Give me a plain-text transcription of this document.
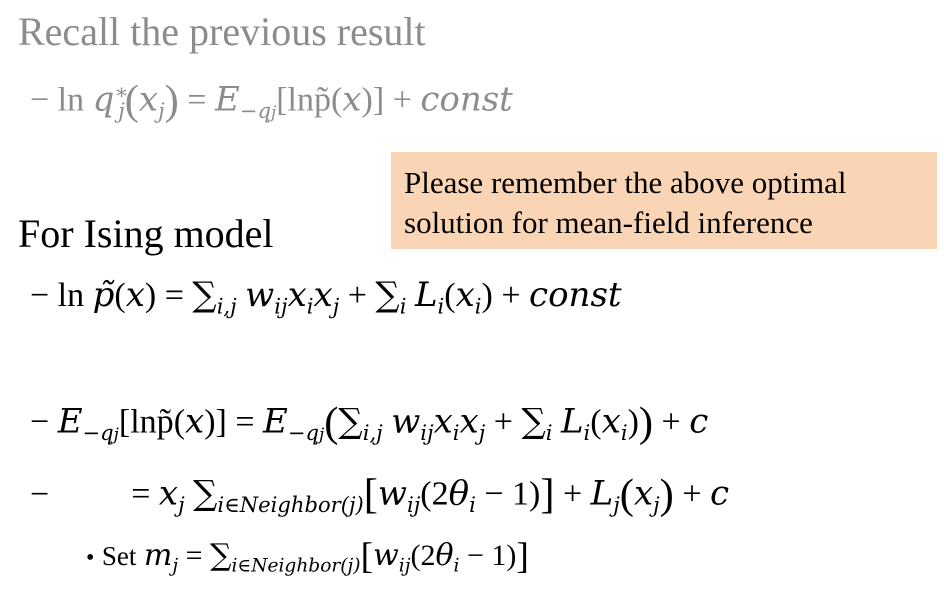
Recall the previous result
− $\ln q^∗_j(x_j)$ = $E_{-qj}[\ln p̃(x)]$ + const
Please remember the above optimal solution for mean-field inference
For Ising model
− ln p̃(x) = $\sum_{i,j}$ $w_{ij}x_ix_j + \sum_i$ $L_i(x_i)$ + const
− $E_{-qj}[\ln p̃(x)] = E_{-qj}(\sum_{i,j}$ $w_{ij}x_ix_j + \sum_i$ $L_i(x_i)) + c$
− = $x_j$ $\sum_{i\in Neighbor(j)}[w_{ij}(2\theta_i - 1)] + L_j(x_j) + c$
• Set $m_j = \sum_{i\in Neighbor(j)}[w_{ij}(2\theta_i - 1)]$
